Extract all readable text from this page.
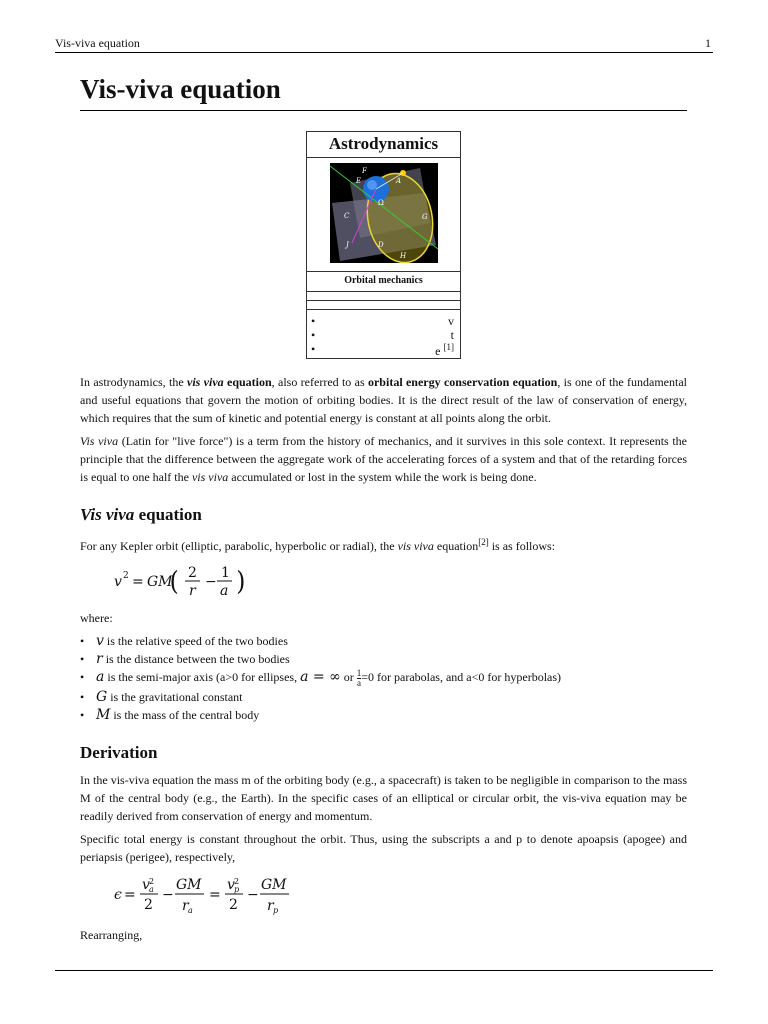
Vis-viva equation	1
Vis-viva equation
Astrodynamics
F
E	A
C	G
J	D
H
Ω
Orbital mechanics
• v
• t
• e [1]

In astrodynamics, the vis viva equation, also referred to as orbital energy conservation equation, is one of the fundamental and useful equations that govern the motion of orbiting bodies. It is the direct result of the law of conservation of energy, which requires that the sum of kinetic and potential energy is constant at all points along the orbit.

Vis viva (Latin for "live force") is a term from the history of mechanics, and it survives in this sole context. It represents the principle that the difference between the aggregate work of the accelerating forces of a system and that of the retarding forces is equal to one half the vis viva accumulated or lost in the system while the work is being done.

Vis viva equation

For any Kepler orbit (elliptic, parabolic, hyperbolic or radial), the vis viva equation[2] is as follows:

v 2 = GM
( 2
r
−
1
a )

where:

• v is the relative speed of the two bodies
• r is the distance between the two bodies
• a is the semi-major axis (a>0 for ellipses, a = ∞ or $\frac{1}{a} =0$ for parabolas, and a<0 for hyperbolas)
• G is the gravitational constant
• M is the mass of the central body
Derivation

In the vis-viva equation the mass m of the orbiting body (e.g., a spacecraft) is taken to be negligible in comparison to the mass M of the central body (e.g., the Earth). In the specific cases of an elliptical or circular orbit, the vis-viva equation may be readily derived from conservation of energy and momentum.

Specific total energy is constant throughout the orbit. Thus, using the subscripts a and p to denote apoapsis (apogee) and periapsis (perigee), respectively,

ϵ =
v 2
a
2
−
GM
r a
=
v 2
p
2
−
GM
r p

Rearranging,
